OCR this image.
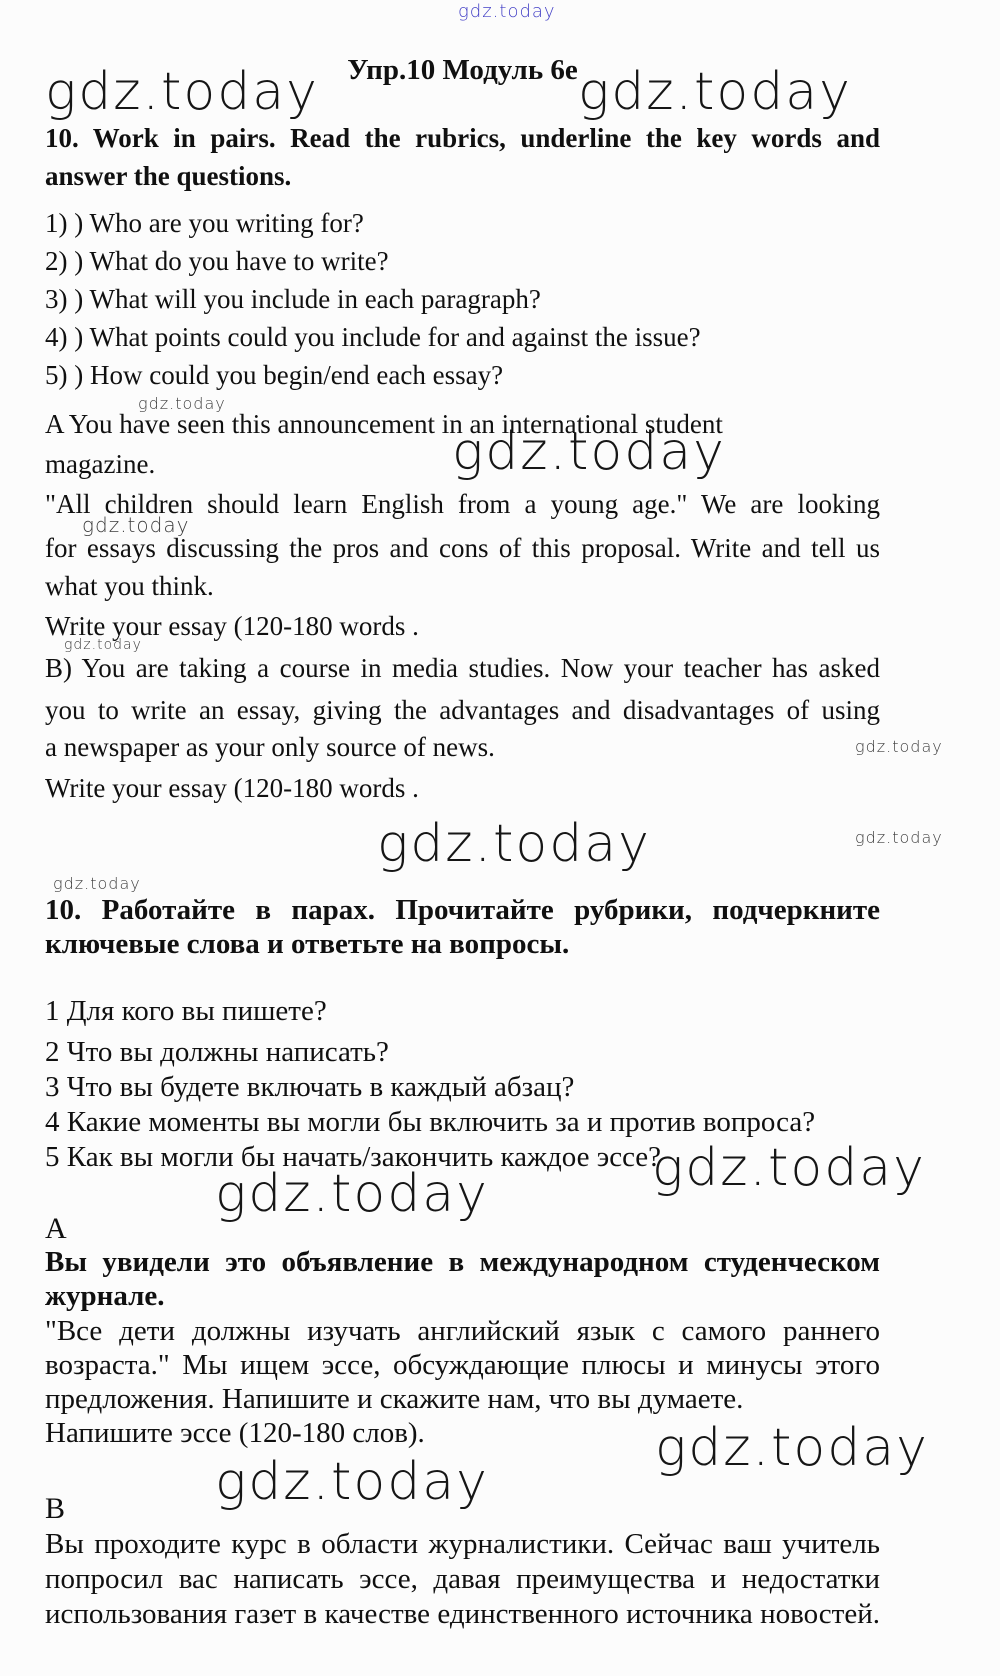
gdz.today
gdz.today	gdz.today
gdz.today
gdz.today
gdz.today
gdz.today
gdz.today
gdz.today	gdz.today
gdz.today
gdz.today
gdz.today
gdz.today
gdz.today
Упр.10 Модуль 6e
10. Work in pairs. Read the rubrics, underline the key words and
answer the questions.
1) ) Who are you writing for?
2) ) What do you have to write?
3) ) What will you include in each paragraph?
4) ) What points could you include for and against the issue?
5) ) How could you begin/end each essay?
A You have seen this announcement in an international student
magazine.
"All children should learn English from a young age." We are looking
for essays discussing the pros and cons of this proposal. Write and tell us
what you think.
Write your essay (120-180 words .
B) You are taking a course in media studies. Now your teacher has asked
you to write an essay, giving the advantages and disadvantages of using
a newspaper as your only source of news.
Write your essay (120-180 words .
10. Работайте в парах. Прочитайте рубрики, подчеркните
ключевые слова и ответьте на вопросы.
1 Для кого вы пишете?
2 Что вы должны написать?
3 Что вы будете включать в каждый абзац?
4 Какие моменты вы могли бы включить за и против вопроса?
5 Как вы могли бы начать/закончить каждое эссе?
A
Вы увидели это объявление в международном студенческом
журнале.
"Все дети должны изучать английский язык с самого раннего
возраста." Мы ищем эссе, обсуждающие плюсы и минусы этого
предложения. Напишите и скажите нам, что вы думаете.
Напишите эссе (120-180 слов).
B
Вы проходите курс в области журналистики. Сейчас ваш учитель
попросил вас написать эссе, давая преимущества и недостатки
использования газет в качестве единственного источника новостей.
